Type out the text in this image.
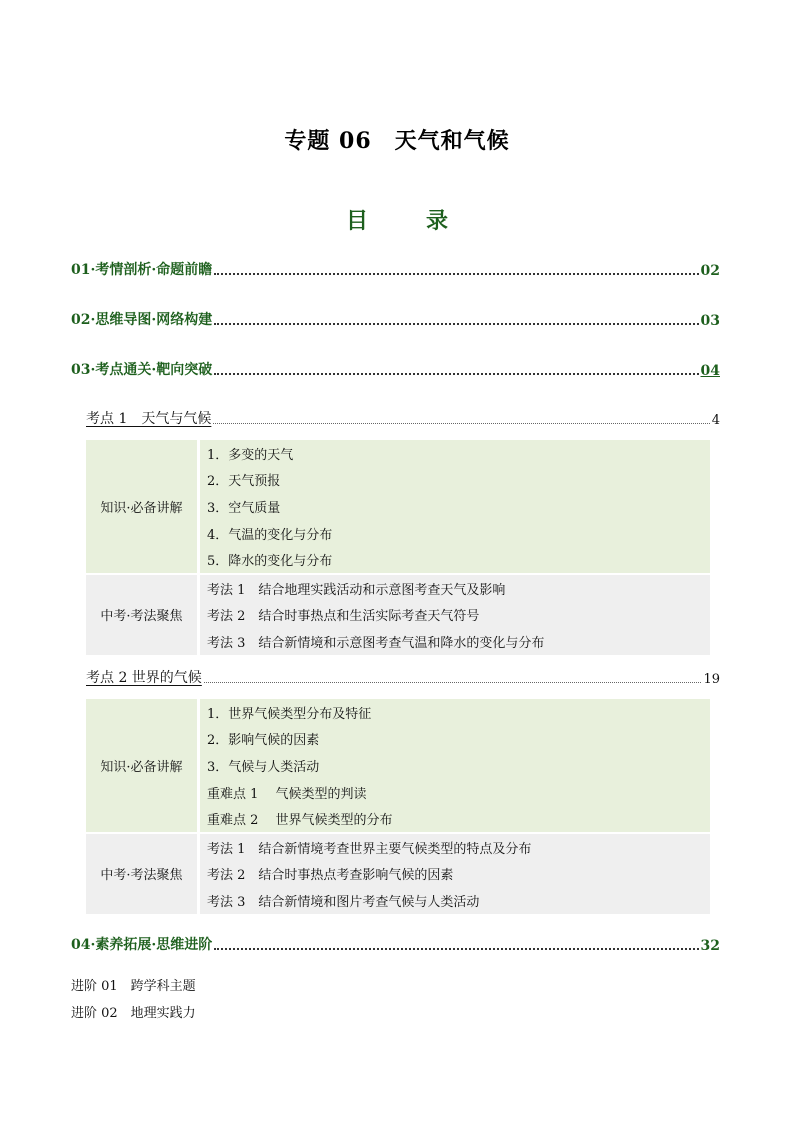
专题 06　天气和气候
目　录
01·考情剖析·命题前瞻	02
02·思维导图·网络构建	03
03·考点通关·靶向突破	04
考点 1　天气与气候	4
知识·必备讲解
1．多变的天气
2．天气预报
3．空气质量
4．气温的变化与分布
5．降水的变化与分布
中考·考法聚焦
考法 1　结合地理实践活动和示意图考查天气及影响
考法 2　结合时事热点和生活实际考查天气符号
考法 3　结合新情境和示意图考查气温和降水的变化与分布
考点 2 世界的气候	19
知识·必备讲解
1．世界气候类型分布及特征
2．影响气候的因素
3．气候与人类活动
重难点 1　 气候类型的判读
重难点 2　 世界气候类型的分布
中考·考法聚焦
考法 1　结合新情境考查世界主要气候类型的特点及分布
考法 2　结合时事热点考查影响气候的因素
考法 3　结合新情境和图片考查气候与人类活动
04·素养拓展·思维进阶	32
进阶 01　跨学科主题
进阶 02　地理实践力
